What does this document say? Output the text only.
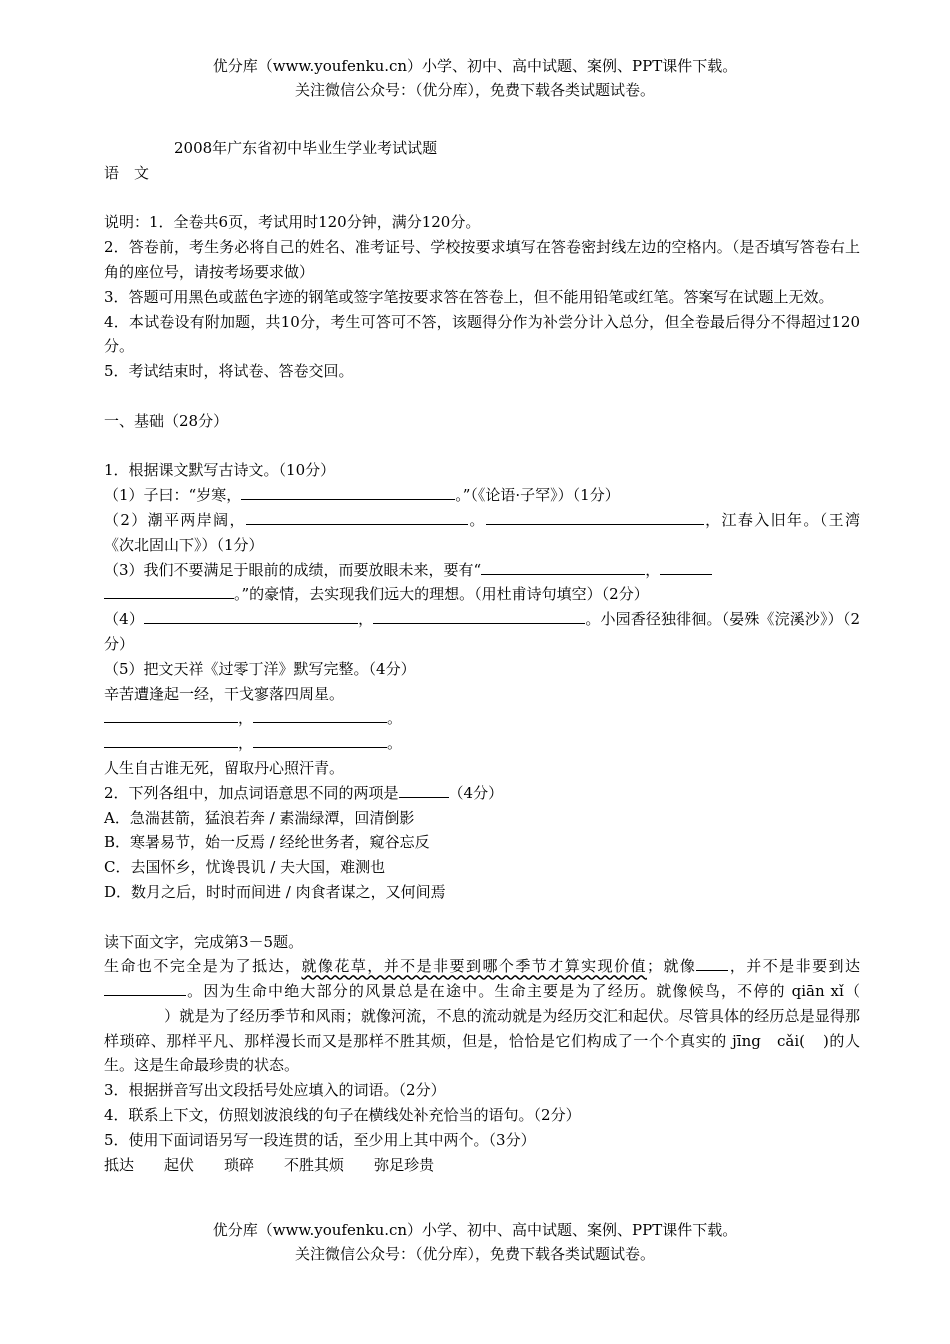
优分库（www.youfenku.cn）小学、初中、高中试题、案例、PPT课件下载。
关注微信公众号：（优分库），免费下载各类试题试卷。
2008年广东省初中毕业生学业考试试题
语　文
说明：1．全卷共6页，考试用时120分钟，满分120分。
2．答卷前，考生务必将自己的姓名、准考证号、学校按要求填写在答卷密封线左边的空格内。（是否填写答卷右上角的座位号，请按考场要求做）
3．答题可用黑色或蓝色字迹的钢笔或签字笔按要求答在答卷上，但不能用铅笔或红笔。答案写在试题上无效。
4．本试卷设有附加题，共10分，考生可答可不答，该题得分作为补尝分计入总分，但全卷最后得分不得超过120分。
5．考试结束时，将试卷、答卷交回。
一、基础（28分）
1．根据课文默写古诗文。（10分）
（1）子曰：“岁寒，	。”（《论语·子罕》）（1分）
（2）潮平两岸阔，	。	，江春入旧年。（王湾《次北固山下》）（1分）
（3）我们不要满足于眼前的成绩，而要放眼未来，要有“	，
。”的豪情，去实现我们远大的理想。（用杜甫诗句填空）（2分）
（4）	，	。小园香径独徘徊。（晏殊《浣溪沙》）（2分）
（5）把文天祥《过零丁洋》默写完整。（4分）
辛苦遭逢起一经，干戈寥落四周星。
，	。
，	。
人生自古谁无死，留取丹心照汗青。
2．下列各组中，加点词语意思不同的两项是	（4分）
A．急湍甚箭，猛浪若奔 / 素湍绿潭，回清倒影
B．寒暑易节，始一反焉 / 经纶世务者，窥谷忘反
C．去国怀乡，忧谗畏讥 / 夫大国，难测也
D．数月之后，时时而间进 / 肉食者谋之，又何间焉
读下面文字，完成第3－5题。
生命也不完全是为了抵达，就像花草，并不是非要到哪个季节才算实现价值；就像 ，并不是非要到达。因为生命中绝大部分的风景总是在途中。生命主要是为了经历。就像候鸟，不停的 qiān xǐ（）就是为了经历季节和风雨；就像河流，不息的流动就是为经历交汇和起伏。尽管具体的经历总是显得那样琐碎、那样平凡、那样漫长而又是那样不胜其烦，但是，恰恰是它们构成了一个个真实的 jīng　cǎi( )的人生。这是生命最珍贵的状态。
3．根据拼音写出文段括号处应填入的词语。（2分）
4．联系上下文，仿照划波浪线的句子在横线处补充恰当的语句。（2分）
5．使用下面词语另写一段连贯的话，至少用上其中两个。（3分）
抵达 起伏 琐碎 不胜其烦 弥足珍贵
优分库（www.youfenku.cn）小学、初中、高中试题、案例、PPT课件下载。
关注微信公众号：（优分库），免费下载各类试题试卷。
